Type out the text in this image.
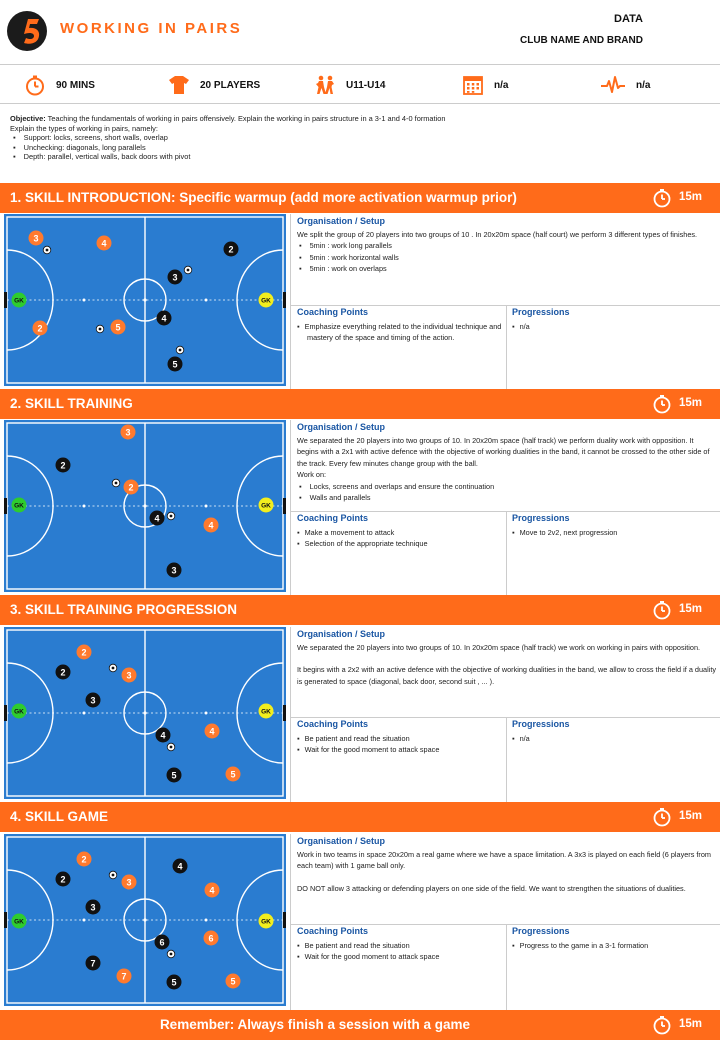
WORKING IN PAIRS
DATA
CLUB NAME AND BRAND
90 MINS	20 PLAYERS	U11-U14	n/a	n/a
Objective: Teaching the fundamentals of working in pairs offensively. Explain the working in pairs structure in a 3-1 and 4-0 formation
Explain the types of working in pairs, namely:
▪ Support: locks, screens, short walls, overlap
▪ Unchecking: diagonals, long parallels
▪ Depth: parallel, vertical walls, back doors with pivot
1. SKILL INTRODUCTION: Specific warmup (add more activation warmup prior)	15m
GK	GK
3	4
2	5
2
3
4
5
Organisation / Setup
We split the group of 20 players into two groups of 10 . In 20x20m space (half court) we perform 3 different types of finishes.
▪ 5min : work long parallels
▪ 5min : work horizontal walls
▪ 5min : work on overlaps
Coaching Points
▪ Emphasize everything related to the individual technique and mastery of the space and timing of the action.
Progressions
▪ n/a
2. SKILL TRAINING	15m
GK	GK
3
2
4
2
4
3
Organisation / Setup
We separated the 20 players into two groups of 10. In 20x20m space (half track) we perform duality work with opposition. It begins with a 2x1 with active defence with the objective of working dualities in the band, it cannot be crossed to the other side of the track. Every few minutes change group with the ball.
Work on:
▪ Locks, screens and overlaps and ensure the continuation
▪ Walls and parallels
Coaching Points
▪ Make a movement to attack
▪ Selection of the appropriate technique
Progressions
▪ Move to 2v2, next progression
3. SKILL TRAINING PROGRESSION	15m
GK	GK
2
3
4
5
2
3
4
5
Organisation / Setup
We separated the 20 players into two groups of 10. In 20x20m space (half track) we work on working in pairs with opposition.
It begins with a 2x2 with an active defence with the objective of working dualities in the band, we allow to cross the field if a duality is generated to space (diagonal, back door, second suit , ... ).
Coaching Points
▪ Be patient and read the situation
▪ Wait for the good moment to attack space
Progressions
▪ n/a
4. SKILL GAME	15m
GK	GK
2
3
4
6
7	5
2
4
3
6
7
5
Organisation / Setup
Work in two teams in space 20x20m a real game where we have a space limitation. A 3x3 is played on each field (6 players from each team) with 1 game ball only.
DO NOT allow 3 attacking or defending players on one side of the field. We want to strengthen the situations of dualities.
Coaching Points
▪ Be patient and read the situation
▪ Wait for the good moment to attack space
Progressions
▪ Progress to the game in a 3-1 formation
Remember: Always finish a session with a game	15m
